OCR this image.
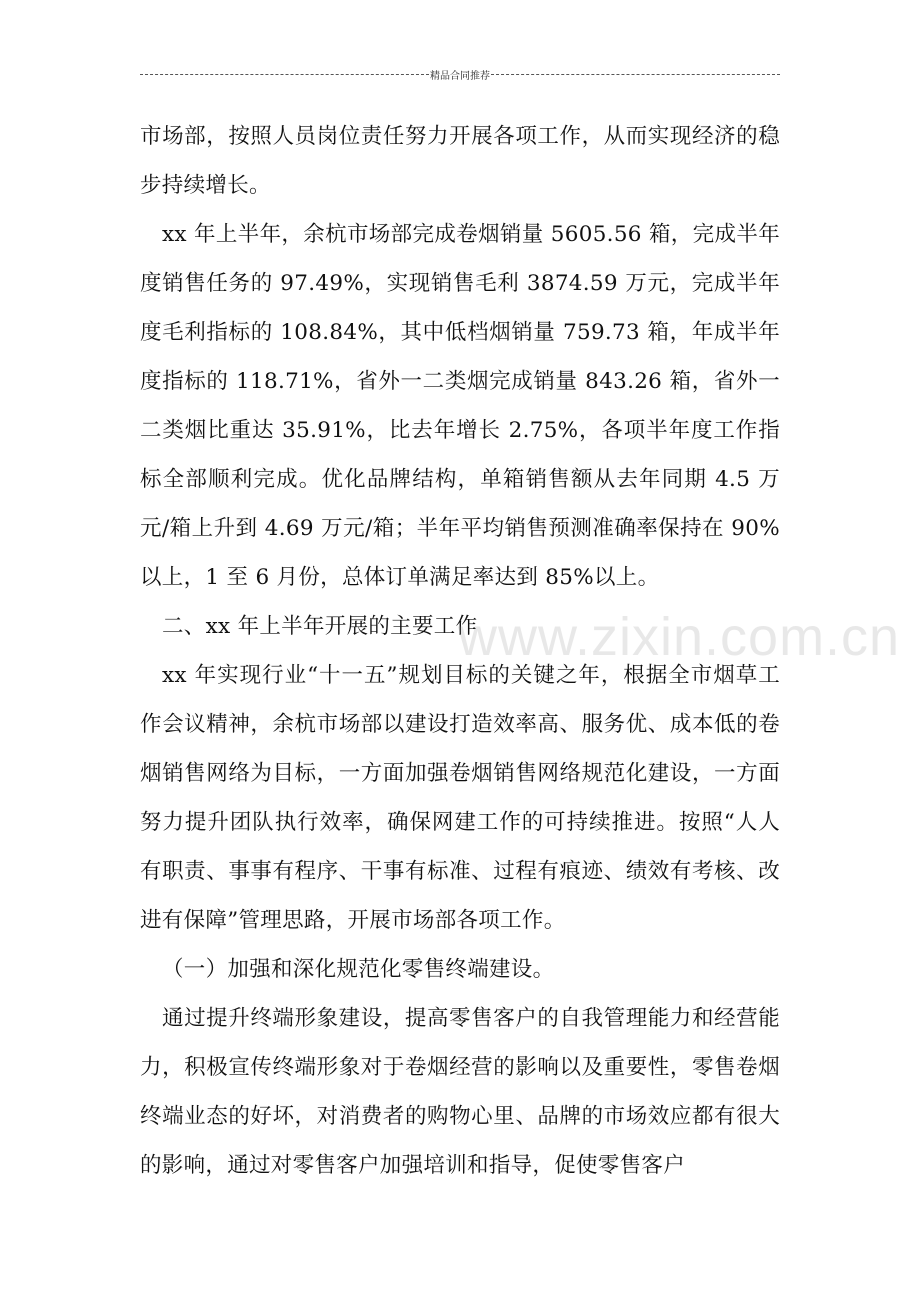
精品合同推荐

市场部，按照人员岗位责任努力开展各项工作，从而实现经济的稳步持续增长。

xx 年上半年，余杭市场部完成卷烟销量 5605.56 箱，完成半年度销售任务的 97.49%，实现销售毛利 3874.59 万元，完成半年度毛利指标的 108.84%，其中低档烟销量 759.73 箱，年成半年度指标的 118.71%，省外一二类烟完成销量 843.26 箱，省外一二类烟比重达 35.91%，比去年增长 2.75%，各项半年度工作指标全部顺利完成。优化品牌结构，单箱销售额从去年同期 4.5 万元/箱上升到 4.69 万元/箱；半年平均销售预测准确率保持在 90%以上，1 至 6 月份，总体订单满足率达到 85%以上。

二、xx 年上半年开展的主要工作

xx 年实现行业“十一五”规划目标的关键之年，根据全市烟草工作会议精神，余杭市场部以建设打造效率高、服务优、成本低的卷烟销售网络为目标，一方面加强卷烟销售网络规范化建设，一方面努力提升团队执行效率，确保网建工作的可持续推进。按照“人人有职责、事事有程序、干事有标准、过程有痕迹、绩效有考核、改进有保障”管理思路，开展市场部各项工作。

（一）加强和深化规范化零售终端建设。

通过提升终端形象建设，提高零售客户的自我管理能力和经营能力，积极宣传终端形象对于卷烟经营的影响以及重要性，零售卷烟终端业态的好坏，对消费者的购物心里、品牌的市场效应都有很大的影响，通过对零售客户加强培训和指导，促使零售客户

www.zixin.com.cn
